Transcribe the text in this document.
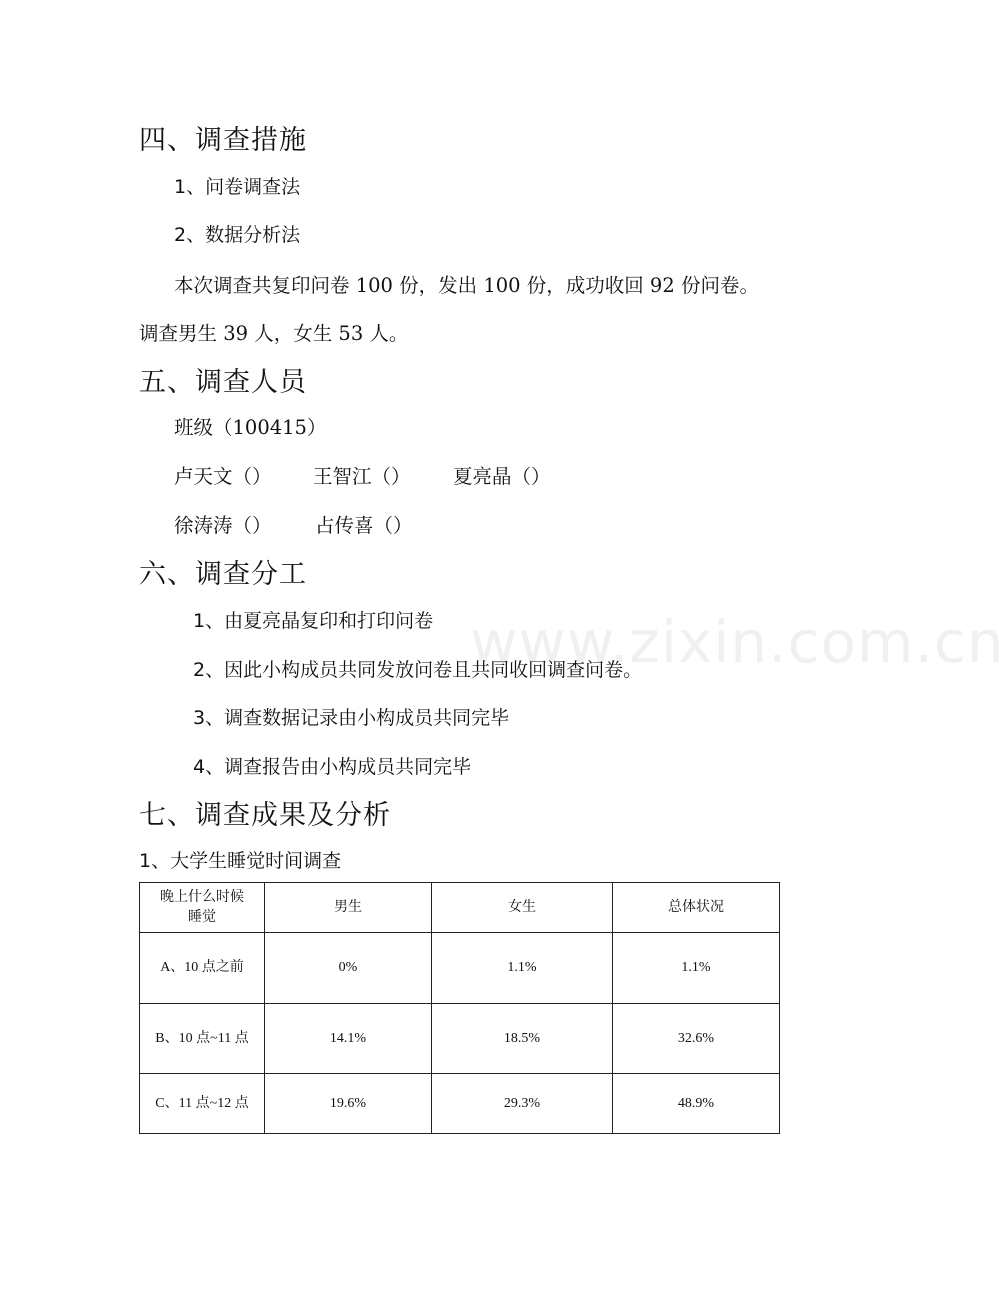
www.zixin.com.cn
四、调查措施
1、问卷调查法
2、数据分析法
本次调查共复印问卷 100 份，发出 100 份，成功收回 92 份问卷。
调查男生 39 人，女生 53 人。
五、调查人员
班级（100415）
卢天文（） 王智江（） 夏亮晶（）
徐涛涛（） 占传喜（）
六、调查分工
1、由夏亮晶复印和打印问卷
2、因此小构成员共同发放问卷且共同收回调查问卷。
3、调查数据记录由小构成员共同完毕
4、调查报告由小构成员共同完毕
七、调查成果及分析
1、大学生睡觉时间调查
晚上什么时候睡觉	男生	女生	总体状况
A、10 点之前	0%	1.1%	1.1%
B、10 点~11 点	14.1%	18.5%	32.6%
C、11 点~12 点	19.6%	29.3%	48.9%
